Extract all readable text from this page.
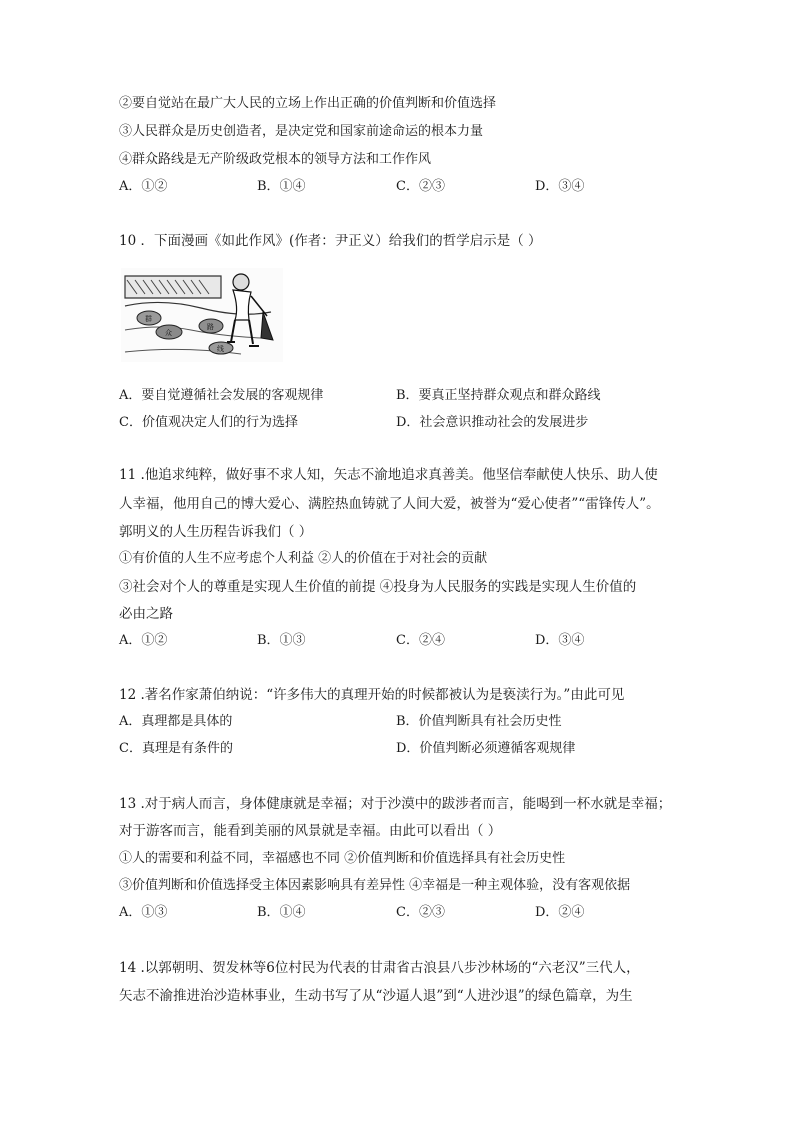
②要自觉站在最广大人民的立场上作出正确的价值判断和价值选择
③人民群众是历史创造者，是决定党和国家前途命运的根本力量
④群众路线是无产阶级政党根本的领导方法和工作作风
A．①②	B．①④	C．②③	D．③④
10 ．下面漫画《如此作风》(作者：尹正义）给我们的哲学启示是（ ）
群
众
路
线
A．要自觉遵循社会发展的客观规律	B．要真正坚持群众观点和群众路线
C．价值观决定人们的行为选择	D．社会意识推动社会的发展进步
11 .他追求纯粹，做好事不求人知，矢志不渝地追求真善美。他坚信奉献使人快乐、助人使
人幸福，他用自己的博大爱心、满腔热血铸就了人间大爱，被誉为“爱心使者”“雷锋传人”。
郭明义的人生历程告诉我们（ ）
①有价值的人生不应考虑个人利益 ②人的价值在于对社会的贡献
③社会对个人的尊重是实现人生价值的前提 ④投身为人民服务的实践是实现人生价值的
必由之路
A．①②	B．①③	C．②④	D．③④
12 .著名作家萧伯纳说：“许多伟大的真理开始的时候都被认为是亵渎行为。”由此可见
A．真理都是具体的	B．价值判断具有社会历史性
C．真理是有条件的	D．价值判断必须遵循客观规律
13 .对于病人而言，身体健康就是幸福；对于沙漠中的跋涉者而言，能喝到一杯水就是幸福；
对于游客而言，能看到美丽的风景就是幸福。由此可以看出（ ）
①人的需要和利益不同，幸福感也不同 ②价值判断和价值选择具有社会历史性
③价值判断和价值选择受主体因素影响具有差异性 ④幸福是一种主观体验，没有客观依据
A．①③	B．①④	C．②③	D．②④
14 .以郭朝明、贺发林等6位村民为代表的甘肃省古浪县八步沙林场的“六老汉”三代人，
矢志不渝推进治沙造林事业，生动书写了从“沙逼人退”到“人进沙退”的绿色篇章，为生
